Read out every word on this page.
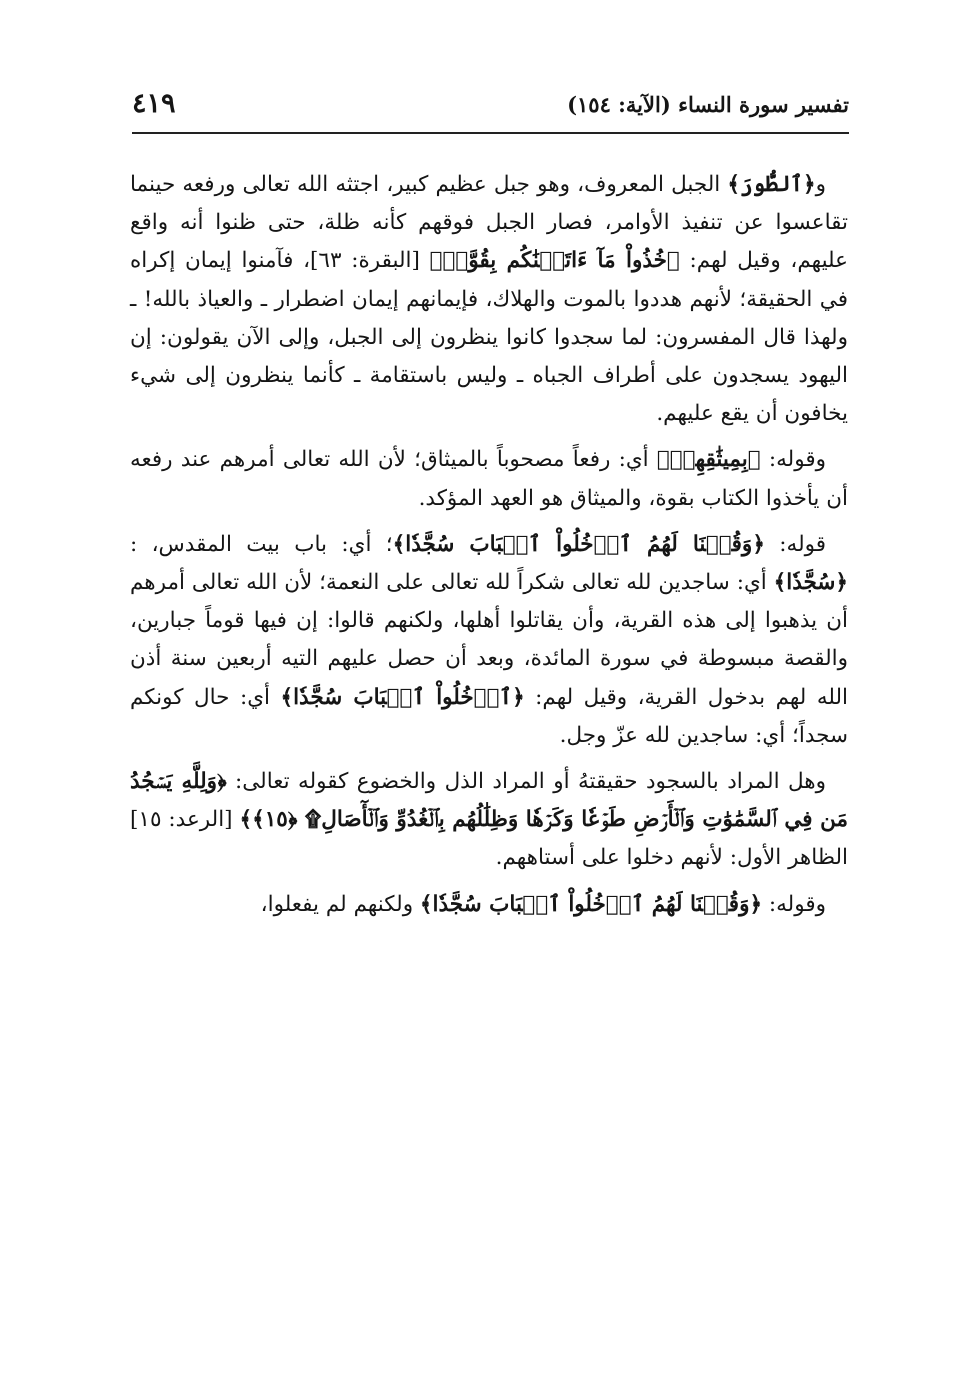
تفسير سورة النساء (الآية: ١٥٤)
٤١٩

و﴿ٱلطُّورَ﴾ الجبل المعروف، وهو جبل عظيم كبير، اجتثه الله تعالى ورفعه حينما تقاعسوا عن تنفيذ الأوامر، فصار الجبل فوقهم كأنه ظلة، حتى ظنوا أنه واقع عليهم، وقيل لهم: ﴿خُذُواْ مَآ ءَاتَيۡنَٰكُم بِقُوَّةٖ﴾ [البقرة: ٦٣]، فآمنوا إيمان إكراه في الحقيقة؛ لأنهم هددوا بالموت والهلاك، فإيمانهم إيمان اضطرار ـ والعياذ بالله! ـ ولهذا قال المفسرون: لما سجدوا كانوا ينظرون إلى الجبل، وإلى الآن يقولون: إن اليهود يسجدون على أطراف الجباه ـ وليس باستقامة ـ كأنما ينظرون إلى شيء يخافون أن يقع عليهم.

وقوله: ﴿بِمِيثَٰقِهِمۡ﴾ أي: رفعاً مصحوباً بالميثاق؛ لأن الله تعالى أمرهم عند رفعه أن يأخذوا الكتاب بقوة، والميثاق هو العهد المؤكد.

قوله: ﴿وَقُلۡنَا لَهُمُ ٱدۡخُلُواْ ٱلۡبَابَ سُجَّدٗا﴾؛ أي: باب بيت المقدس، : ﴿سُجَّدٗا﴾ أي: ساجدين لله تعالى شكراً لله تعالى على النعمة؛ لأن الله تعالى أمرهم أن يذهبوا إلى هذه القرية، وأن يقاتلوا أهلها، ولكنهم قالوا: إن فيها قوماً جبارين، والقصة مبسوطة في سورة المائدة، وبعد أن حصل عليهم التيه أربعين سنة أذن الله لهم بدخول القرية، وقيل لهم: ﴿ٱدۡخُلُواْ ٱلۡبَابَ سُجَّدٗا﴾ أي: حال كونكم سجداً؛ أي: ساجدين لله عزّ وجل.

وهل المراد بالسجود حقيقتهُ أو المراد الذل والخضوع كقوله تعالى: ﴿وَلِلَّهِ يَسۡجُدُ مَن فِي ٱلسَّمَٰوَٰتِ وَٱلۡأَرۡضِ طَوۡعٗا وَكَرۡهٗا وَظِلَٰلُهُم بِٱلۡغُدُوِّ وَٱلۡأٓصَالِ۩ ﴿١٥﴾﴾ [الرعد: ١٥] الظاهر الأول: لأنهم دخلوا على أستاههم.

وقوله: ﴿وَقُلۡنَا لَهُمُ ٱدۡخُلُواْ ٱلۡبَابَ سُجَّدٗا﴾ ولكنهم لم يفعلوا،
